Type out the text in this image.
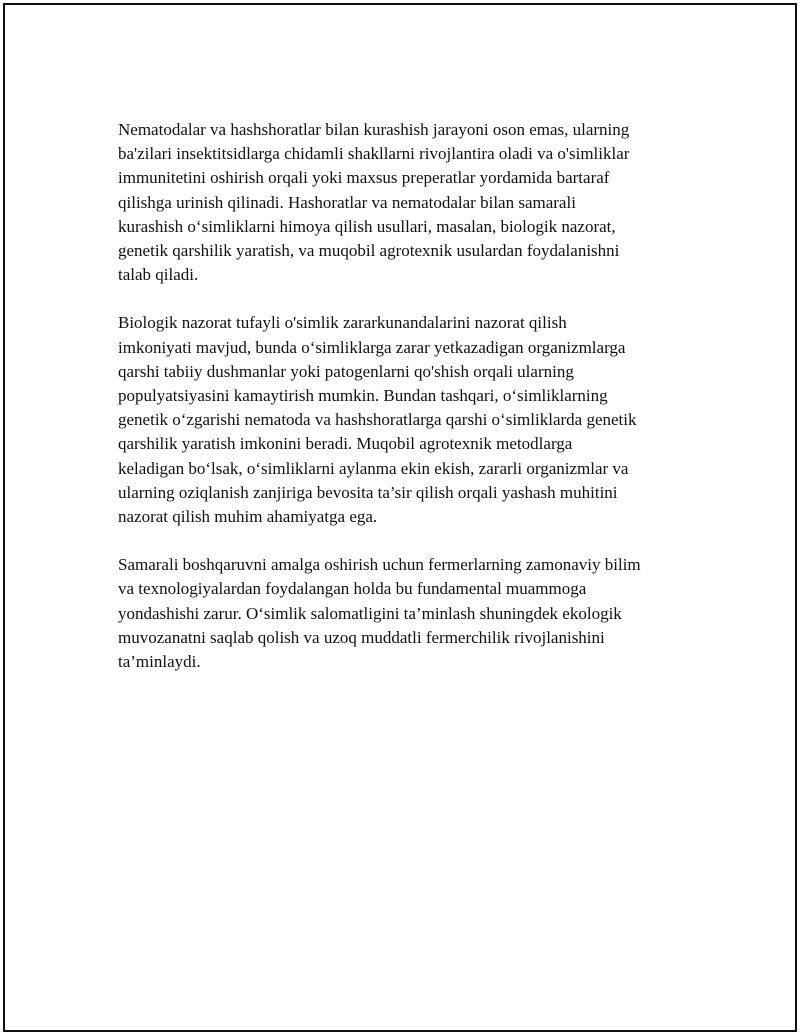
Nematodalar va hashshoratlar bilan kurashish jarayoni oson emas, ularning
ba'zilari insektitsidlarga chidamli shakllarni rivojlantira oladi va o'simliklar
immunitetini oshirish orqali yoki maxsus preperatlar yordamida bartaraf
qilishga urinish qilinadi. Hashoratlar va nematodalar bilan samarali
kurashish o‘simliklarni himoya qilish usullari, masalan, biologik nazorat,
genetik qarshilik yaratish, va muqobil agrotexnik usulardan foydalanishni
talab qiladi.

Biologik nazorat tufayli o'simlik zararkunandalarini nazorat qilish
imkoniyati mavjud, bunda o‘simliklarga zarar yetkazadigan organizmlarga
qarshi tabiiy dushmanlar yoki patogenlarni qo'shish orqali ularning
populyatsiyasini kamaytirish mumkin. Bundan tashqari, o‘simliklarning
genetik o‘zgarishi nematoda va hashshoratlarga qarshi o‘simliklarda genetik
qarshilik yaratish imkonini beradi. Muqobil agrotexnik metodlarga
keladigan bo‘lsak, o‘simliklarni aylanma ekin ekish, zararli organizmlar va
ularning oziqlanish zanjiriga bevosita ta’sir qilish orqali yashash muhitini
nazorat qilish muhim ahamiyatga ega.

Samarali boshqaruvni amalga oshirish uchun fermerlarning zamonaviy bilim
va texnologiyalardan foydalangan holda bu fundamental muammoga
yondashishi zarur. O‘simlik salomatligini ta’minlash shuningdek ekologik
muvozanatni saqlab qolish va uzoq muddatli fermerchilik rivojlanishini
ta’minlaydi.
